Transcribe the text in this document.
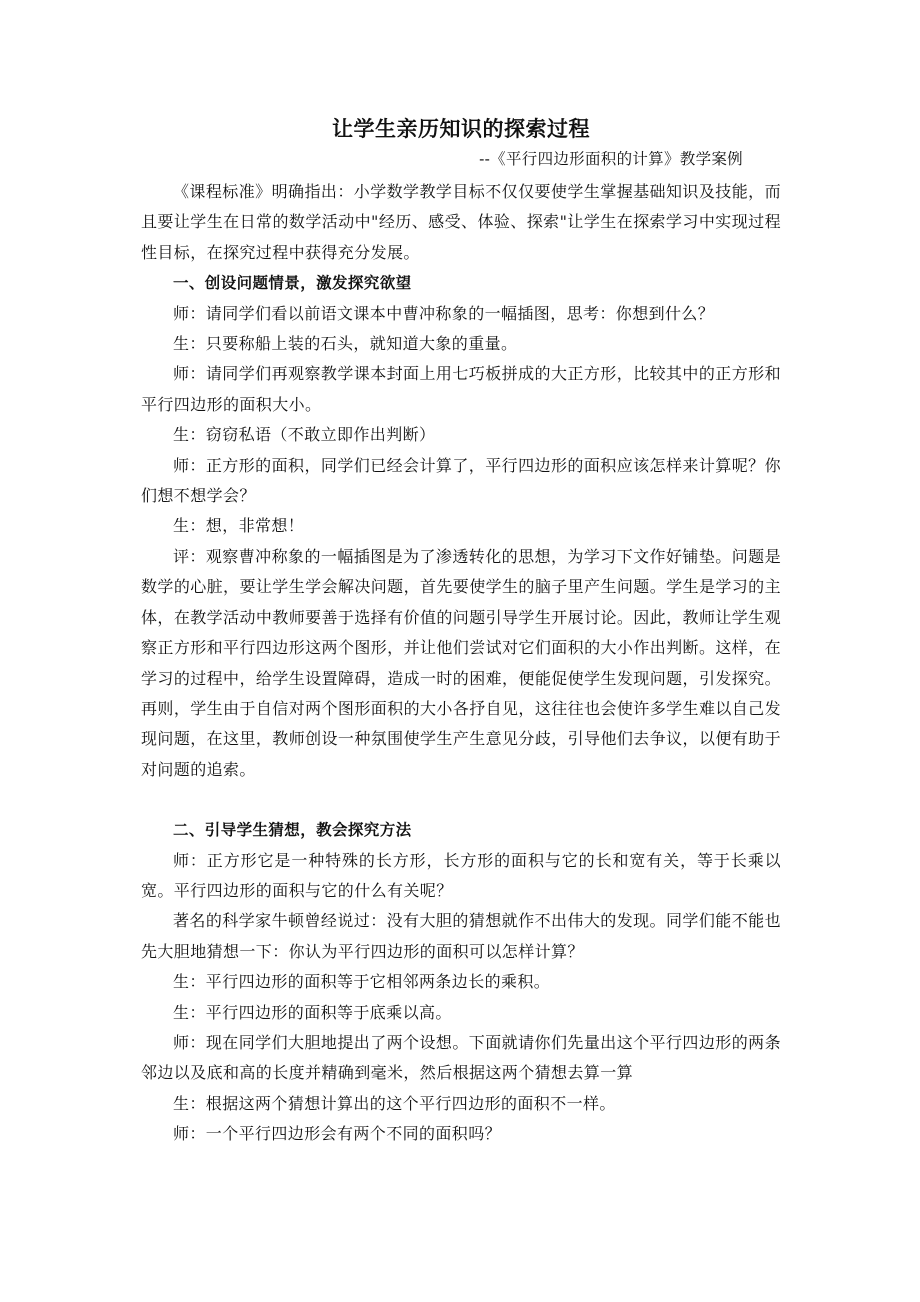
让学生亲历知识的探索过程
--《平行四边形面积的计算》教学案例

《课程标准》明确指出：小学数学教学目标不仅仅要使学生掌握基础知识及技能，而且要让学生在日常的数学活动中"经历、感受、体验、探索"让学生在探索学习中实现过程性目标，在探究过程中获得充分发展。

一、创设问题情景，激发探究欲望

师：请同学们看以前语文课本中曹冲称象的一幅插图，思考：你想到什么？

生：只要称船上装的石头，就知道大象的重量。

师：请同学们再观察教学课本封面上用七巧板拼成的大正方形，比较其中的正方形和平行四边形的面积大小。

生：窃窃私语（不敢立即作出判断）

师：正方形的面积，同学们已经会计算了，平行四边形的面积应该怎样来计算呢？你们想不想学会？

生：想，非常想！

评：观察曹冲称象的一幅插图是为了渗透转化的思想，为学习下文作好铺垫。问题是数学的心脏，要让学生学会解决问题，首先要使学生的脑子里产生问题。学生是学习的主体，在教学活动中教师要善于选择有价值的问题引导学生开展讨论。因此，教师让学生观察正方形和平行四边形这两个图形，并让他们尝试对它们面积的大小作出判断。这样，在学习的过程中，给学生设置障碍，造成一时的困难，便能促使学生发现问题，引发探究。再则，学生由于自信对两个图形面积的大小各抒自见，这往往也会使许多学生难以自己发现问题，在这里，教师创设一种氛围使学生产生意见分歧，引导他们去争议，以便有助于对问题的追索。

二、引导学生猜想，教会探究方法

师：正方形它是一种特殊的长方形，长方形的面积与它的长和宽有关，等于长乘以宽。平行四边形的面积与它的什么有关呢？

著名的科学家牛顿曾经说过：没有大胆的猜想就作不出伟大的发现。同学们能不能也先大胆地猜想一下：你认为平行四边形的面积可以怎样计算？

生：平行四边形的面积等于它相邻两条边长的乘积。

生：平行四边形的面积等于底乘以高。

师：现在同学们大胆地提出了两个设想。下面就请你们先量出这个平行四边形的两条邻边以及底和高的长度并精确到毫米，然后根据这两个猜想去算一算

生：根据这两个猜想计算出的这个平行四边形的面积不一样。

师：一个平行四边形会有两个不同的面积吗？
